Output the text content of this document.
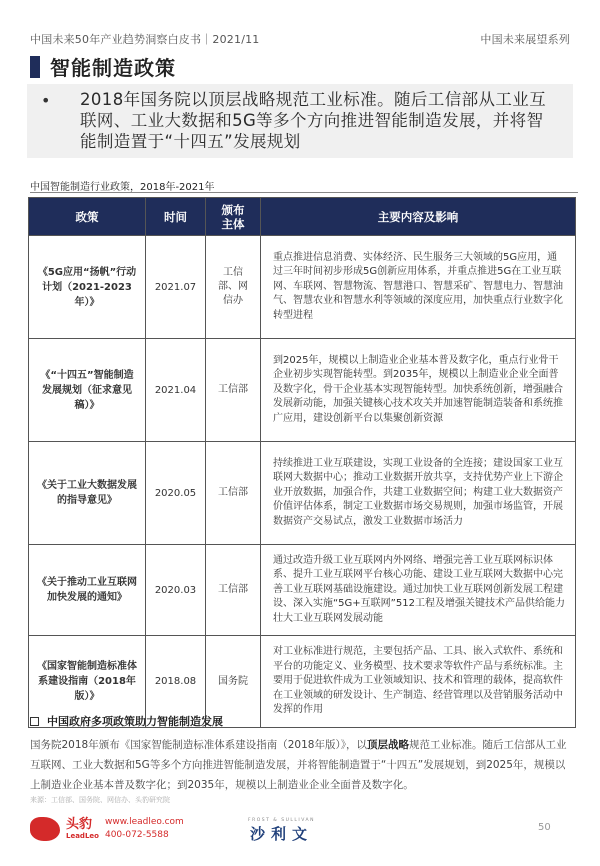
中国未来50年产业趋势洞察白皮书｜2021/11	中国未来展望系列
智能制造政策
•	2018年国务院以顶层战略规范工业标准。随后工信部从工业互联网、工业大数据和5G等多个方向推进智能制造发展，并将智能制造置于“十四五”发展规划
中国智能制造行业政策，2018年-2021年
政策	时间	颁布主体	主要内容及影响
《5G应用“扬帆”行动计划（2021-2023年）》	2021.07	工信部、网信办	重点推进信息消费、实体经济、民生服务三大领域的5G应用，通过三年时间初步形成5G创新应用体系，并重点推进5G在工业互联网、车联网、智慧物流、智慧港口、智慧采矿、智慧电力、智慧油气、智慧农业和智慧水利等领域的深度应用，加快重点行业数字化转型进程
《“十四五”智能制造发展规划（征求意见稿）》	2021.04	工信部	到2025年，规模以上制造业企业基本普及数字化，重点行业骨干企业初步实现智能转型。到2035年，规模以上制造业企业全面普及数字化，骨干企业基本实现智能转型。加快系统创新，增强融合发展新动能，加强关键核心技术攻关并加速智能制造装备和系统推广应用，建设创新平台以集聚创新资源
《关于工业大数据发展的指导意见》	2020.05	工信部	持续推进工业互联建设，实现工业设备的全连接；建设国家工业互联网大数据中心；推动工业数据开放共享，支持优势产业上下游企业开放数据，加强合作，共建工业数据空间；构建工业大数据资产价值评估体系，制定工业数据市场交易规则，加强市场监管，开展数据资产交易试点，激发工业数据市场活力
《关于推动工业互联网加快发展的通知》	2020.03	工信部	通过改造升级工业互联网内外网络、增强完善工业互联网标识体系、提升工业互联网平台核心功能、建设工业互联网大数据中心完善工业互联网基础设施建设。通过加快工业互联网创新发展工程建设、深入实施“5G+互联网”512工程及增强关键技术产品供给能力壮大工业互联网发展动能
《国家智能制造标准体系建设指南（2018年版）》	2018.08	国务院	对工业标准进行规范，主要包括产品、工具、嵌入式软件、系统和平台的功能定义、业务模型、技术要求等软件产品与系统标准。主要用于促进软件成为工业领域知识、技术和管理的载体，提高软件在工业领域的研发设计、生产制造、经营管理以及营销服务活动中发挥的作用
中国政府多项政策助力智能制造发展
国务院2018年颁布《国家智能制造标准体系建设指南（2018年版）》，以顶层战略规范工业标准。随后工信部从工业互联网、工业大数据和5G等多个方向推进智能制造发展，并将智能制造置于“十四五”发展规划，到2025年，规模以上制造业企业基本普及数字化；到2035年，规模以上制造业企业全面普及数字化。
来源：工信部、国务院、网信办、头豹研究院
头豹
LeadLeo
www.leadleo.com
400-072-5588
FROST & SULLIVAN
沙利文	50
